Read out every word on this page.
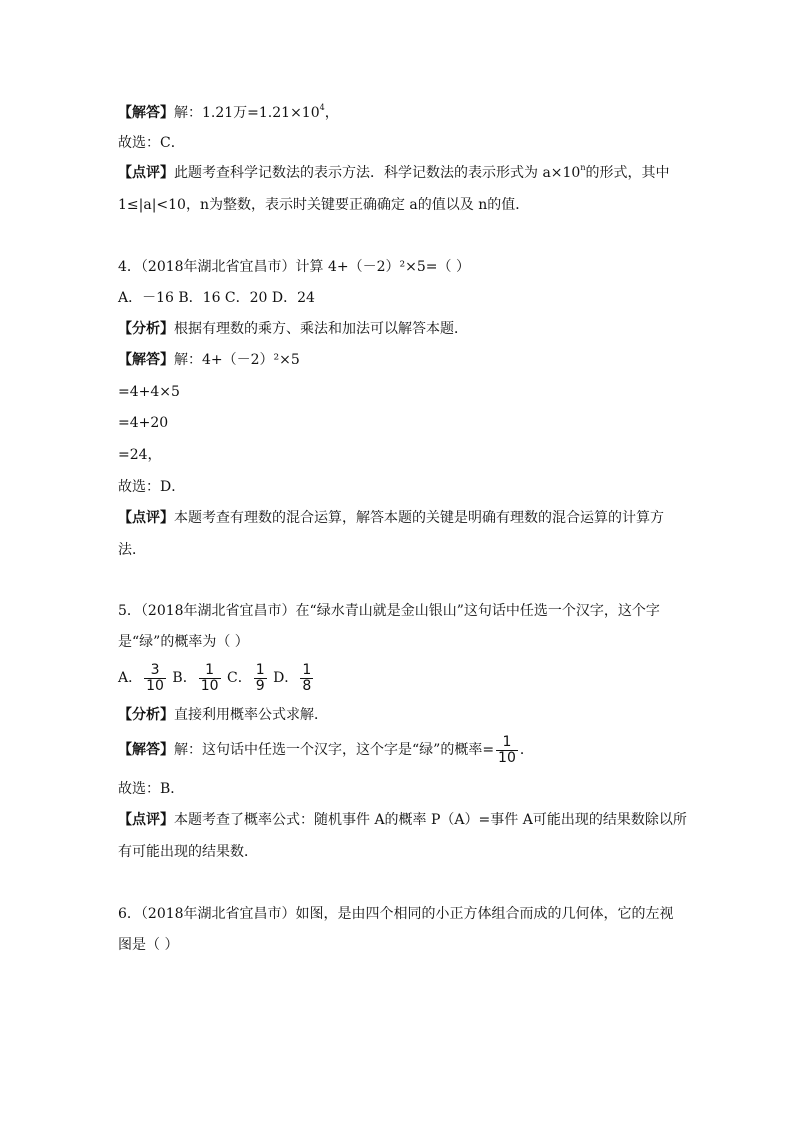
【解答】解：1.21万$=1.21\times 10^4$，
故选：C．
【点评】此题考查科学记数法的表示方法．科学记数法的表示形式为 $a\times 10^n$的形式，其中
1≤|a|<10，n为整数，表示时关键要正确确定 a的值以及 n的值．
4．（2018年湖北省宜昌市）计算 4+（－2）²×5=（ ）
A．－16 B．16 C．20 D．24
【分析】根据有理数的乘方、乘法和加法可以解答本题．
【解答】解：4+（－2）²×5
=4+4×5
=4+20
=24，
故选：D．
【点评】本题考查有理数的混合运算，解答本题的关键是明确有理数的混合运算的计算方
法．
5．（2018年湖北省宜昌市）在“绿水青山就是金山银山”这句话中任选一个汉字，这个字
是“绿”的概率为（ ）
A． $\frac{3}{10}$ B． $\frac{1}{10}$ C． $\frac{1}{9}$ D． $\frac{1}{8}$
【分析】直接利用概率公式求解．
【解答】解：这句话中任选一个汉字，这个字是“绿”的概率= $\frac{1}{10}$ ．
故选：B．
【点评】本题考查了概率公式：随机事件 A的概率 P（A）=事件 A可能出现的结果数除以所
有可能出现的结果数．
6．（2018年湖北省宜昌市）如图，是由四个相同的小正方体组合而成的几何体，它的左视
图是（ ）
